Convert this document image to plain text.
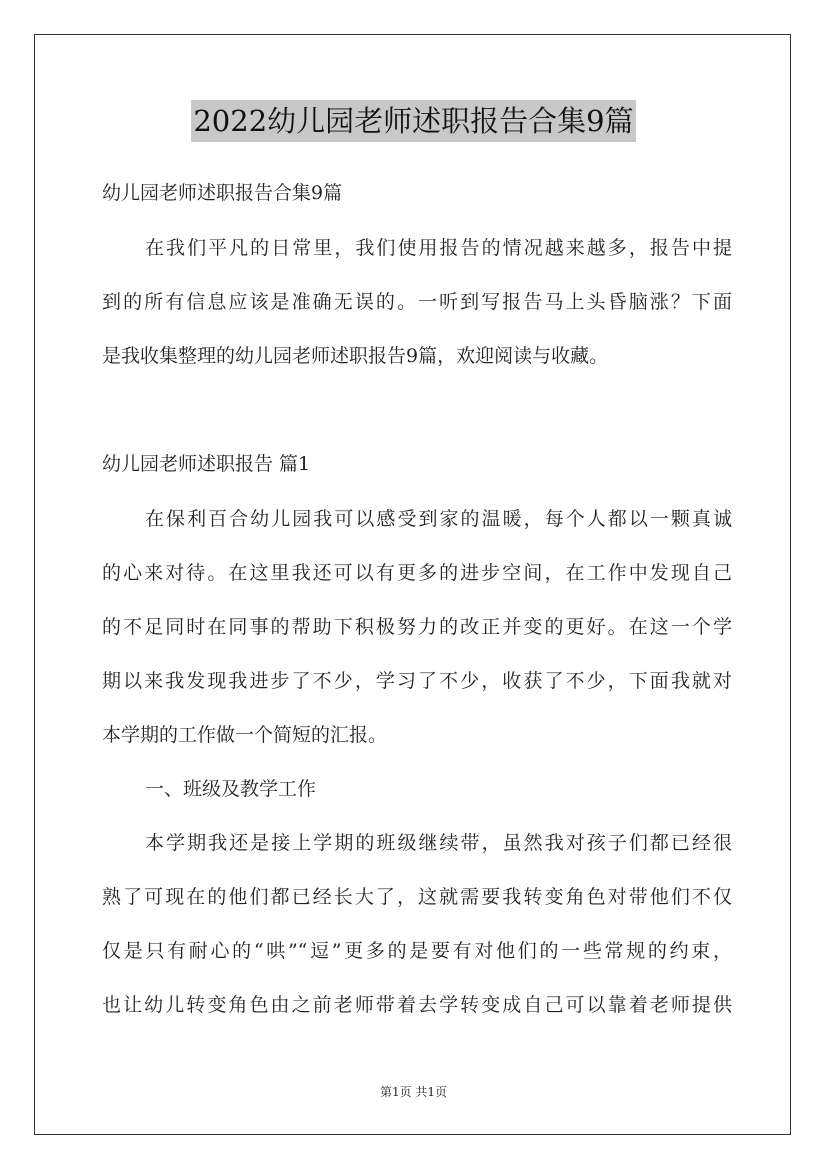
2022幼儿园老师述职报告合集9篇
幼儿园老师述职报告合集9篇
在我们平凡的日常里，我们使用报告的情况越来越多，报告中提
到的所有信息应该是准确无误的。一听到写报告马上头昏脑涨？下面
是我收集整理的幼儿园老师述职报告9篇，欢迎阅读与收藏。
幼儿园老师述职报告 篇1
在保利百合幼儿园我可以感受到家的温暖，每个人都以一颗真诚
的心来对待。在这里我还可以有更多的进步空间，在工作中发现自己
的不足同时在同事的帮助下积极努力的改正并变的更好。在这一个学
期以来我发现我进步了不少，学习了不少，收获了不少，下面我就对
本学期的工作做一个简短的汇报。
一、班级及教学工作
本学期我还是接上学期的班级继续带，虽然我对孩子们都已经很
熟了可现在的他们都已经长大了，这就需要我转变角色对带他们不仅
仅是只有耐心的“哄”“逗”更多的是要有对他们的一些常规的约束，
也让幼儿转变角色由之前老师带着去学转变成自己可以靠着老师提供
第1页 共1页
